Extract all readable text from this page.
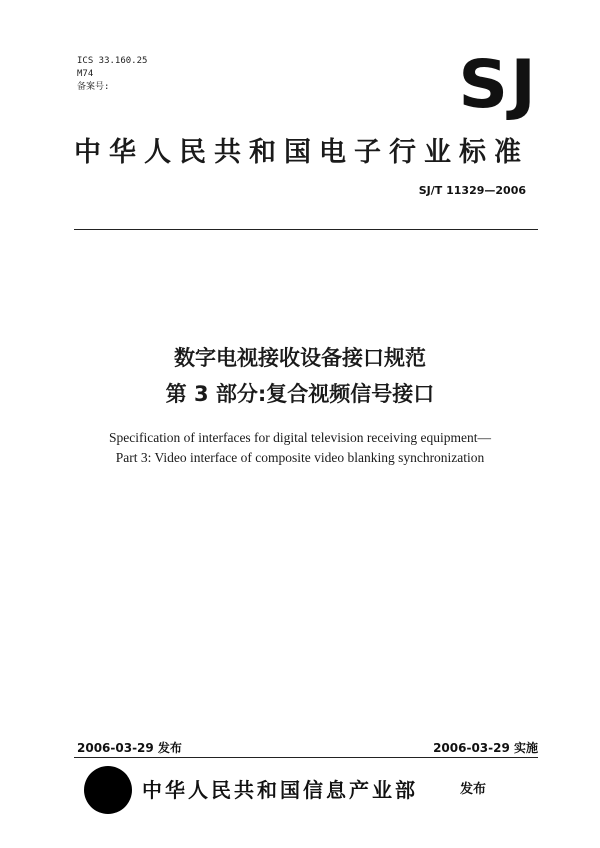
ICS 33.160.25
M74
备案号:	SJ
中华人民共和国电子行业标准
SJ/T 11329—2006
数字电视接收设备接口规范
第 3 部分:复合视频信号接口
Specification of interfaces for digital television receiving equipment—
Part 3: Video interface of composite video blanking synchronization
2006-03-29 发布	2006-03-29 实施
中华人民共和国信息产业部	发布
